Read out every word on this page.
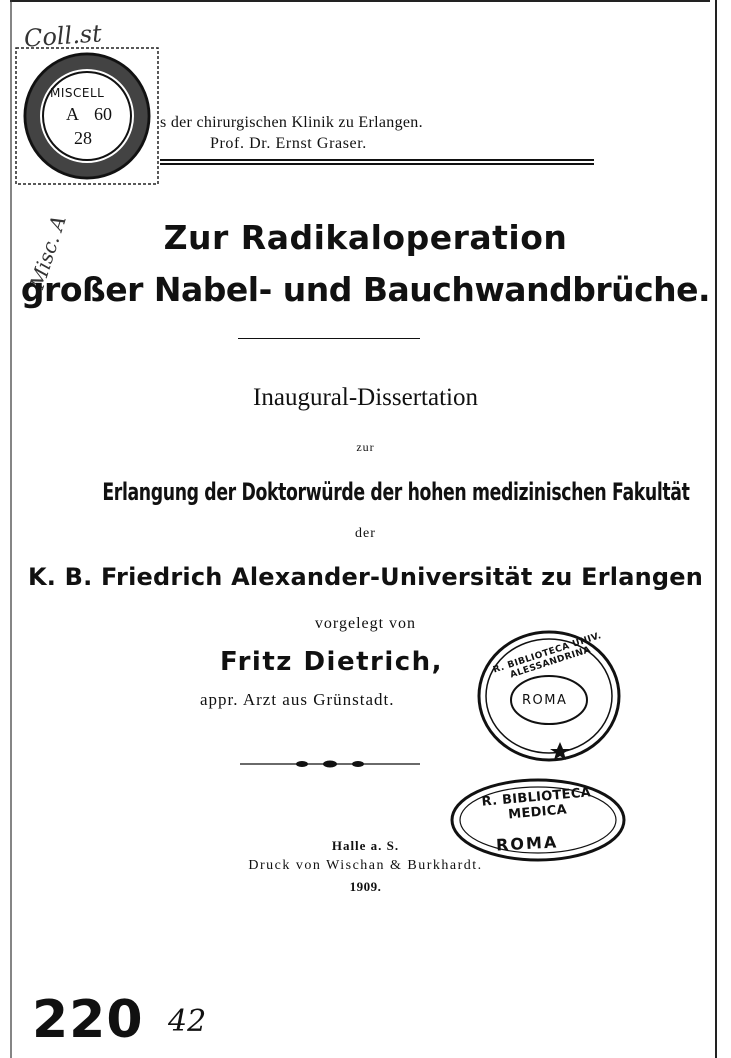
Coll.st
Misc. A
MISCELL
A 60
28
s der chirurgischen Klinik zu Erlangen.
Prof. Dr. Ernst Graser.
Zur Radikaloperation
großer Nabel- und Bauchwandbrüche.
Inaugural-Dissertation
zur
Erlangung der Doktorwürde der hohen medizinischen Fakultät
der
K. B. Friedrich Alexander-Universität zu Erlangen
vorgelegt von
Fritz Dietrich,
appr. Arzt aus Grünstadt.	ROMA
R. BIBLIOTECA UNIV. ALESSANDRINA
R. BIBLIOTECA MEDICA
ROMA
Halle a. S.
Druck von Wischan & Burkhardt.
1909.
220 42
